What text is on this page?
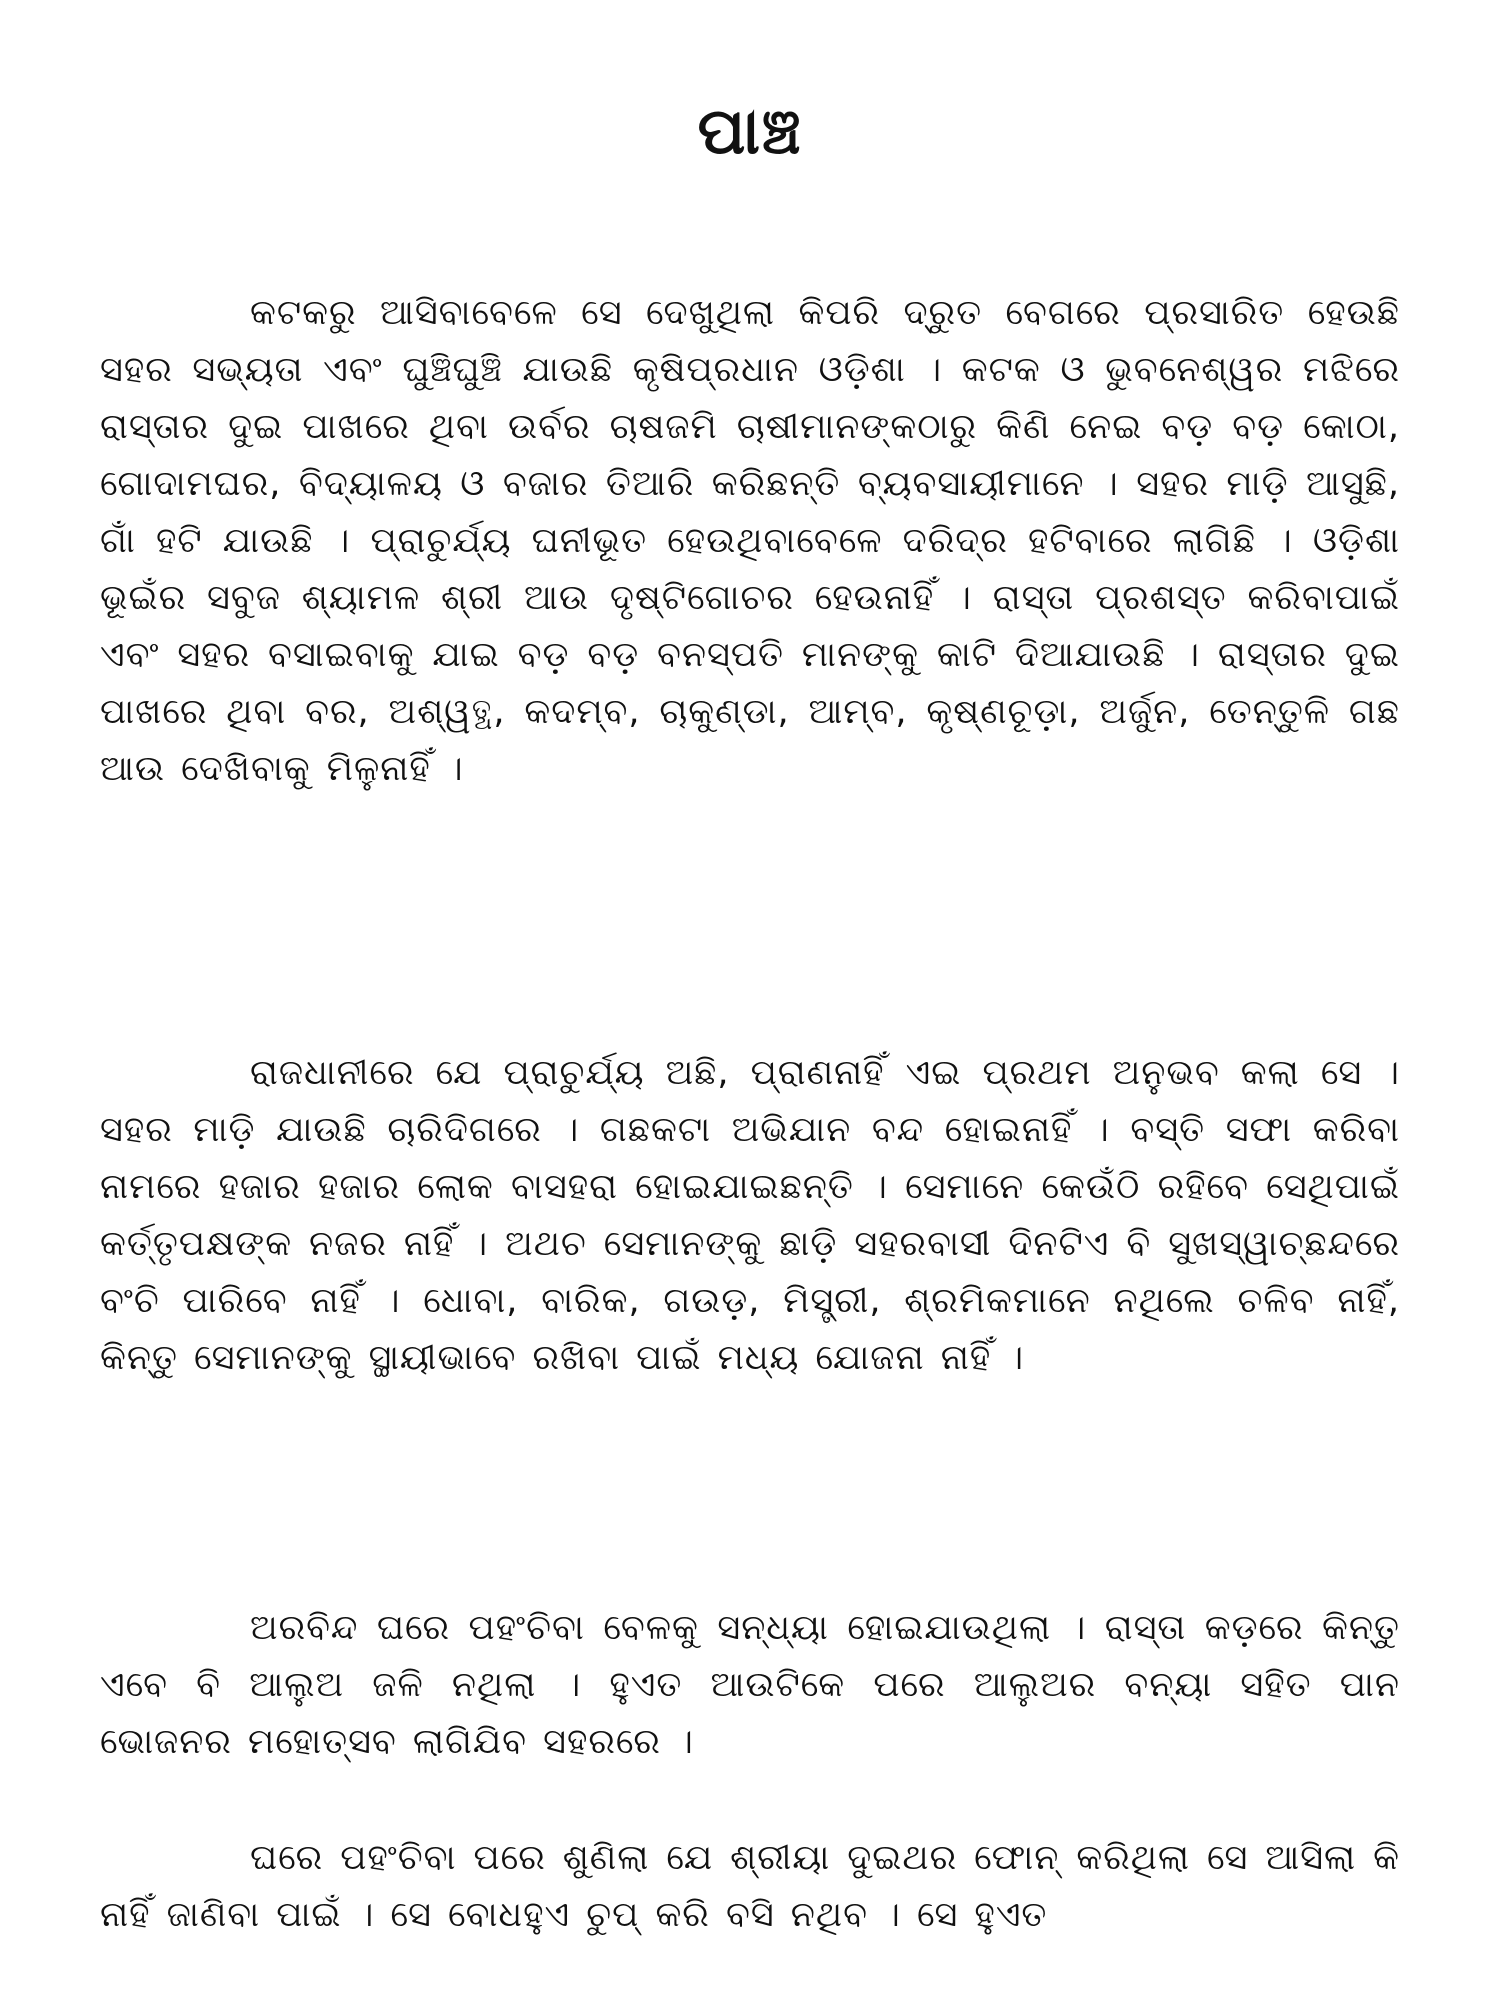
ପାଞ୍ଚ

କଟକରୁ ଆସିବାବେଳେ ସେ ଦେଖୁଥିଲା କିପରି ଦ୍ରୁତ ବେଗରେ ପ୍ରସାରିତ ହେଉଛି ସହର ସଭ୍ୟତା ଏବଂ ଘୁଞ୍ଚିଘୁଞ୍ଚି ଯାଉଛି କୃଷିପ୍ରଧାନ ଓଡ଼ିଶା । କଟକ ଓ ଭୁବନେଶ୍ୱର ମଝିରେ ରାସ୍ତାର ଦୁଇ ପାଖରେ ଥିବା ଉର୍ବର ଚାଷଜମି ଚାଷୀମାନଙ୍କଠାରୁ କିଣି ନେଇ ବଡ଼ ବଡ଼ କୋଠା, ଗୋଦାମଘର, ବିଦ୍ୟାଳୟ ଓ ବଜାର ତିଆରି କରିଛନ୍ତି ବ୍ୟବସାୟୀମାନେ । ସହର ମାଡ଼ି ଆସୁଛି, ଗାଁ ହଟି ଯାଉଛି । ପ୍ରାଚୁର୍ଯ୍ୟ ଘନୀଭୂତ ହେଉଥିବାବେଳେ ଦରିଦ୍ର ହଟିବାରେ ଲାଗିଛି । ଓଡ଼ିଶା ଭୂଇଁର ସବୁଜ ଶ୍ୟାମଳ ଶ୍ରୀ ଆଉ ଦୃଷ୍ଟିଗୋଚର ହେଉନାହିଁ । ରାସ୍ତା ପ୍ରଶସ୍ତ କରିବାପାଇଁ ଏବଂ ସହର ବସାଇବାକୁ ଯାଇ ବଡ଼ ବଡ଼ ବନସ୍ପତି ମାନଙ୍କୁ କାଟି ଦିଆଯାଉଛି । ରାସ୍ତାର ଦୁଇ ପାଖରେ ଥିବା ବର, ଅଶ୍ୱତ୍ଥ, କଦମ୍ବ, ଚାକୁଣ୍ଡା, ଆମ୍ବ, କୃଷ୍ଣଚୂଡ଼ା, ଅର୍ଜୁନ, ତେନ୍ତୁଳି ଗଛ ଆଉ ଦେଖିବାକୁ ମିଳୁନାହିଁ ।

ରାଜଧାନୀରେ ଯେ ପ୍ରାଚୁର୍ଯ୍ୟ ଅଛି, ପ୍ରାଣନାହିଁ ଏଇ ପ୍ରଥମ ଅନୁଭବ କଲା ସେ । ସହର ମାଡ଼ି ଯାଉଛି ଚାରିଦିଗରେ । ଗଛକଟା ଅଭିଯାନ ବନ୍ଦ ହୋଇନାହିଁ । ବସ୍ତି ସଫା କରିବା ନାମରେ ହଜାର ହଜାର ଲୋକ ବାସହରା ହୋଇଯାଇଛନ୍ତି । ସେମାନେ କେଉଁଠି ରହିବେ ସେଥିପାଇଁ କର୍ତ୍ତୃପକ୍ଷଙ୍କ ନଜର ନାହିଁ । ଅଥଚ ସେମାନଙ୍କୁ ଛାଡ଼ି ସହରବାସୀ ଦିନଟିଏ ବି ସୁଖସ୍ୱାଚ୍ଛନ୍ଦରେ ବଂଚି ପାରିବେ ନାହିଁ । ଧୋବା, ବାରିକ, ଗଉଡ଼, ମିସ୍ତ୍ରୀ, ଶ୍ରମିକମାନେ ନଥିଲେ ଚଳିବ ନାହିଁ, କିନ୍ତୁ ସେମାନଙ୍କୁ ସ୍ଥାୟୀଭାବେ ରଖିବା ପାଇଁ ମଧ୍ୟ ଯୋଜନା ନାହିଁ ।

ଅରବିନ୍ଦ ଘରେ ପହଂଚିବା ବେଳକୁ ସନ୍ଧ୍ୟା ହୋଇଯାଉଥିଲା । ରାସ୍ତା କଡ଼ରେ କିନ୍ତୁ ଏବେ ବି ଆଲୁଅ ଜଳି ନଥିଲା । ହୁଏତ ଆଉଟିକେ ପରେ ଆଲୁଅର ବନ୍ୟା ସହିତ ପାନ ଭୋଜନର ମହୋତ୍ସବ ଲାଗିଯିବ ସହରରେ ।

ଘରେ ପହଂଚିବା ପରେ ଶୁଣିଲା ଯେ ଶ୍ରୀୟା ଦୁଇଥର ଫୋନ୍ କରିଥିଲା ସେ ଆସିଲା କି ନାହିଁ ଜାଣିବା ପାଇଁ । ସେ ବୋଧହୁଏ ଚୁପ୍ କରି ବସି ନଥିବ । ସେ ହୁଏତ
